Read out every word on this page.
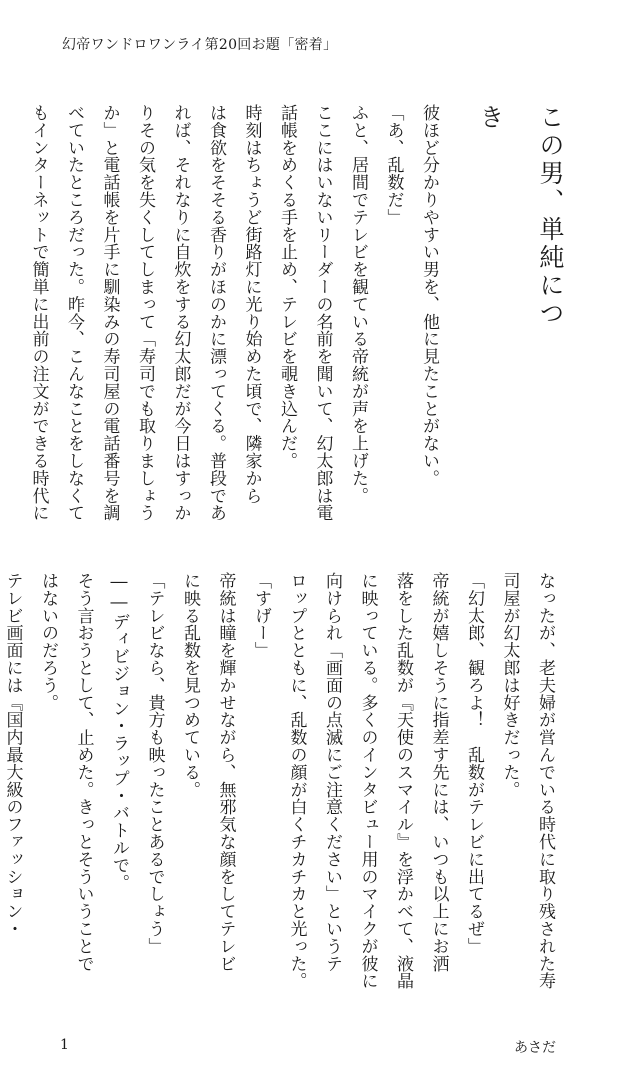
幻帝ワンドロワンライ第20回お題「密着」
この男、単純につき

彼ほど分かりやすい男を、他に見たことがない。

「あ、乱数だ」

ふと、居間でテレビを観ている帝統が声を上げた。

ここにはいないリーダーの名前を聞いて、幻太郎は電

話帳をめくる手を止め、テレビを覗き込んだ。

時刻はちょうど街路灯に光り始めた頃で、隣家から

は食欲をそそる香りがほのかに漂ってくる。普段であ

れば、それなりに自炊をする幻太郎だが今日はすっか

りその気を失くしてしまって「寿司でも取りましょう

か」と電話帳を片手に馴染みの寿司屋の電話番号を調

べていたところだった。昨今、こんなことをしなくて

もインターネットで簡単に出前の注文ができる時代に

なったが、老夫婦が営んでいる時代に取り残された寿

司屋が幻太郎は好きだった。

「幻太郎、観ろよ！　乱数がテレビに出てるぜ」

帝統が嬉しそうに指差す先には、いつも以上にお洒

落をした乱数が『天使のスマイル』を浮かべて、液晶

に映っている。多くのインタビュー用のマイクが彼に

向けられ「画面の点滅にご注意ください」というテ

ロップとともに、乱数の顔が白くチカチカと光った。

「すげー」

帝統は瞳を輝かせながら、無邪気な顔をしてテレビ

に映る乱数を見つめている。

「テレビなら、貴方も映ったことあるでしょう」

――ディビジョン・ラップ・バトルで。

そう言おうとして、止めた。きっとそういうことで

はないのだろう。

テレビ画面には『国内最大級のファッション・

1	あさだ
